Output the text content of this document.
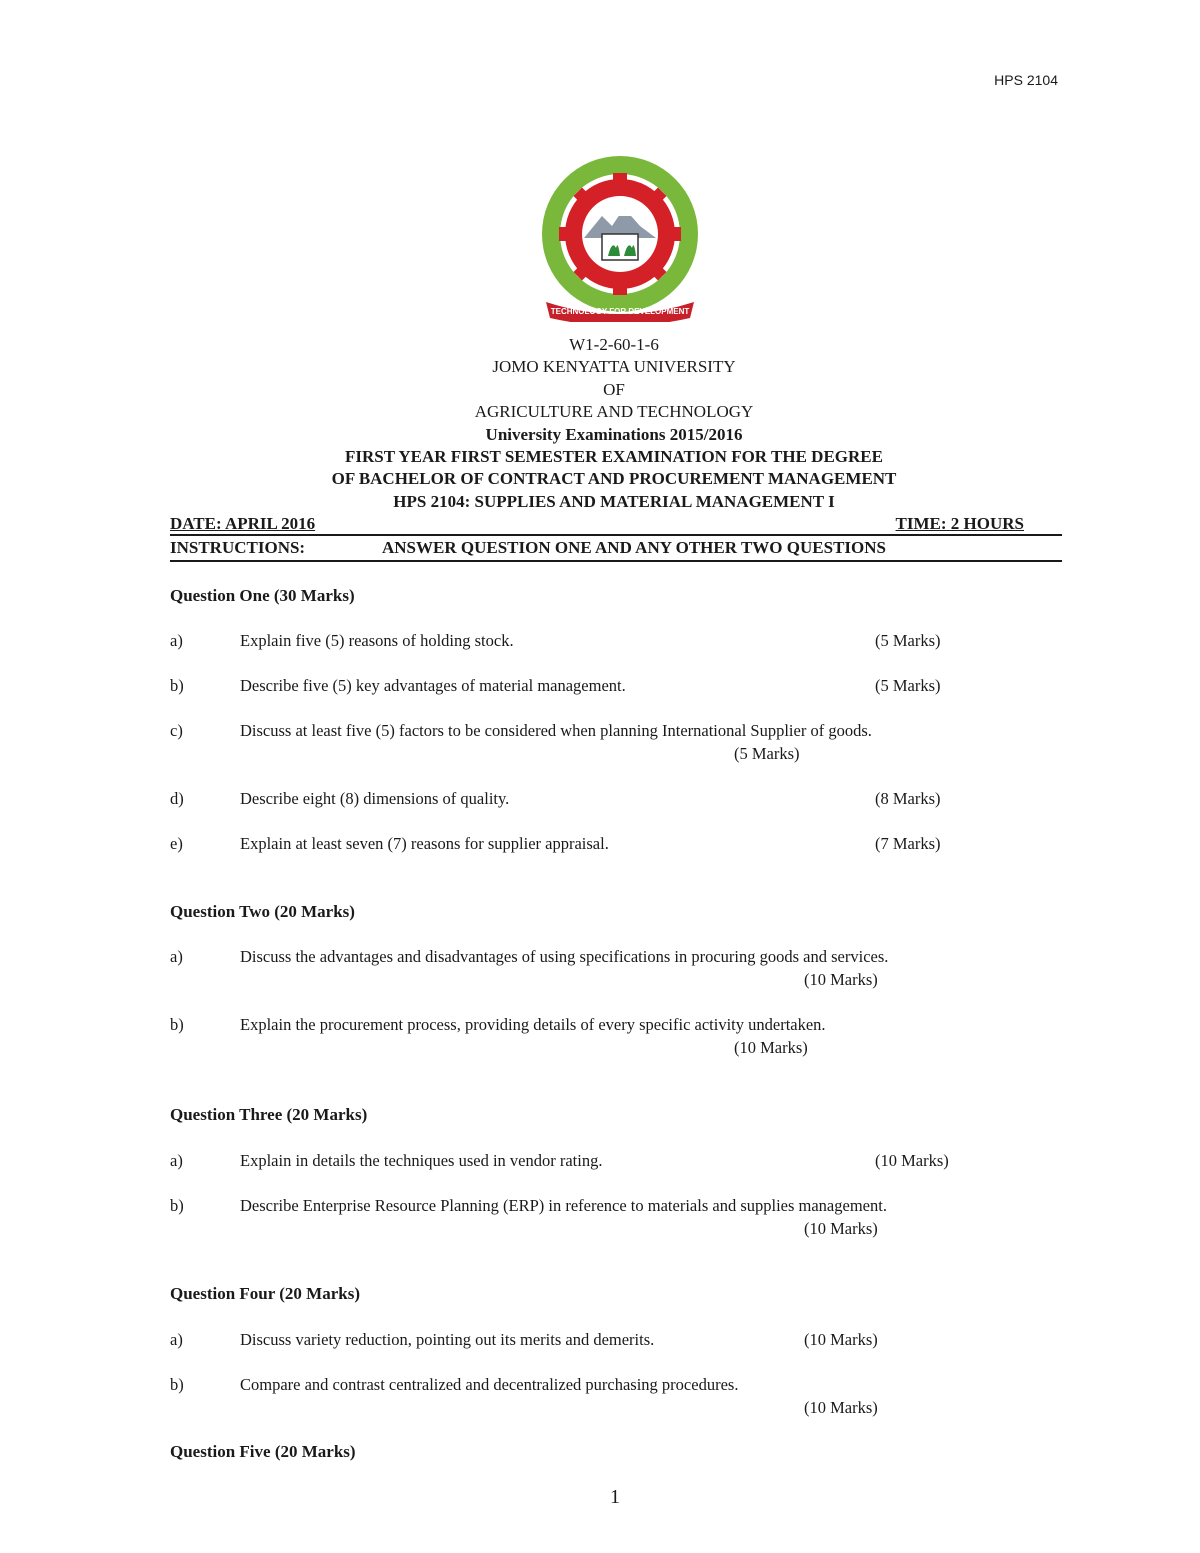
HPS 2104
TECHNOLOGY FOR DEVELOPMENT
W1-2-60-1-6
JOMO KENYATTA UNIVERSITY
OF
AGRICULTURE AND TECHNOLOGY
University Examinations 2015/2016
FIRST YEAR FIRST SEMESTER EXAMINATION FOR THE DEGREE
OF BACHELOR OF CONTRACT AND PROCUREMENT MANAGEMENT
HPS 2104: SUPPLIES AND MATERIAL MANAGEMENT I
DATE: APRIL 2016	TIME: 2 HOURS
INSTRUCTIONS:	ANSWER QUESTION ONE AND ANY OTHER TWO QUESTIONS
Question One (30 Marks)
a)	Explain five (5) reasons of holding stock.	(5 Marks)
b)	Describe five (5) key advantages of material management.	(5 Marks)
c)	Discuss at least five (5) factors to be considered when planning International Supplier of goods.
(5 Marks)
d)	Describe eight (8) dimensions of quality.	(8 Marks)
e)	Explain at least seven (7) reasons for supplier appraisal.	(7 Marks)
Question Two (20 Marks)
a)	Discuss the advantages and disadvantages of using specifications in procuring goods and services.
(10 Marks)
b)	Explain the procurement process, providing details of every specific activity undertaken.
(10 Marks)
Question Three (20 Marks)
a)	Explain in details the techniques used in vendor rating.	(10 Marks)
b)	Describe Enterprise Resource Planning (ERP) in reference to materials and supplies management.
(10 Marks)
Question Four (20 Marks)
a)	Discuss variety reduction, pointing out its merits and demerits.	(10 Marks)
b)	Compare and contrast centralized and decentralized purchasing procedures.
(10 Marks)
Question Five (20 Marks)
1
